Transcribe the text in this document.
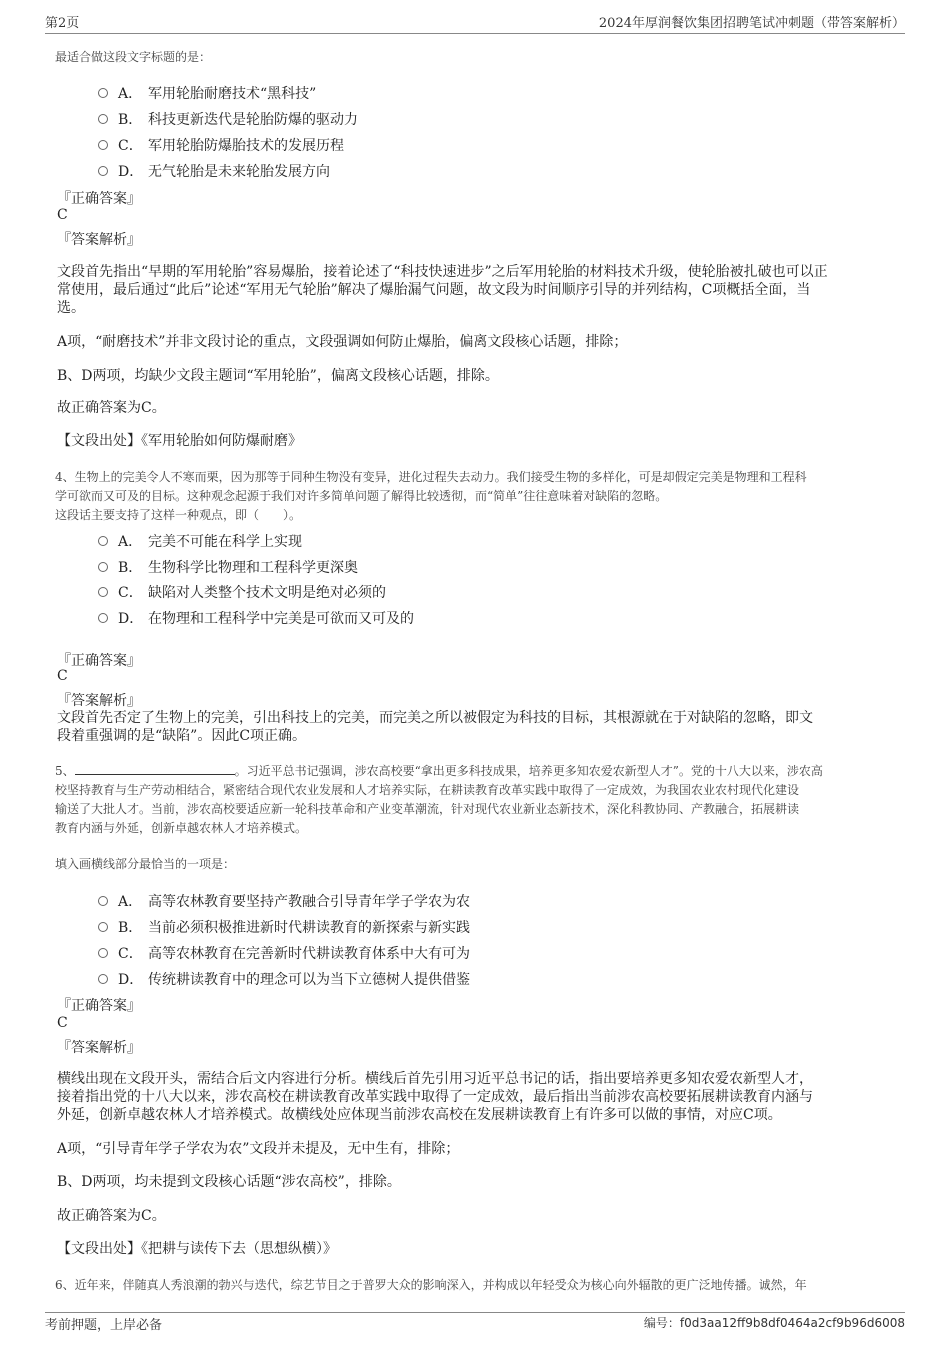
第2页	2024年厚润餐饮集团招聘笔试冲刺题（带答案解析）
最适合做这段文字标题的是：
A． 军用轮胎耐磨技术“黑科技”
B． 科技更新迭代是轮胎防爆的驱动力
C． 军用轮胎防爆胎技术的发展历程
D． 无气轮胎是未来轮胎发展方向
『正确答案』
C
『答案解析』
文段首先指出“早期的军用轮胎”容易爆胎，接着论述了“科技快速进步”之后军用轮胎的材料技术升级，使轮胎被扎破也可以正
常使用，最后通过“此后”论述“军用无气轮胎”解决了爆胎漏气问题，故文段为时间顺序引导的并列结构，C项概括全面，当
选。
A项，“耐磨技术”并非文段讨论的重点，文段强调如何防止爆胎，偏离文段核心话题，排除；
B、D两项，均缺少文段主题词“军用轮胎”，偏离文段核心话题，排除。
故正确答案为C。
【文段出处】《军用轮胎如何防爆耐磨》
4、生物上的完美令人不寒而栗，因为那等于同种生物没有变异，进化过程失去动力。我们接受生物的多样化，可是却假定完美是物理和工程科
学可欲而又可及的目标。这种观念起源于我们对许多简单问题了解得比较透彻，而“简单”往往意味着对缺陷的忽略。
这段话主要支持了这样一种观点，即（　　）。
A． 完美不可能在科学上实现
B． 生物科学比物理和工程科学更深奥
C． 缺陷对人类整个技术文明是绝对必须的
D． 在物理和工程科学中完美是可欲而又可及的
『正确答案』
C
『答案解析』
文段首先否定了生物上的完美，引出科技上的完美，而完美之所以被假定为科技的目标，其根源就在于对缺陷的忽略，即文
段着重强调的是“缺陷”。因此C项正确。
5、	。习近平总书记强调，涉农高校要“拿出更多科技成果，培养更多知农爱农新型人才”。党的十八大以来，涉农高
校坚持教育与生产劳动相结合，紧密结合现代农业发展和人才培养实际，在耕读教育改革实践中取得了一定成效，为我国农业农村现代化建设
输送了大批人才。当前，涉农高校要适应新一轮科技革命和产业变革潮流，针对现代农业新业态新技术，深化科教协同、产教融合，拓展耕读
教育内涵与外延，创新卓越农林人才培养模式。
填入画横线部分最恰当的一项是：
A． 高等农林教育要坚持产教融合引导青年学子学农为农
B． 当前必须积极推进新时代耕读教育的新探索与新实践
C． 高等农林教育在完善新时代耕读教育体系中大有可为
D． 传统耕读教育中的理念可以为当下立德树人提供借鉴
『正确答案』
C
『答案解析』
横线出现在文段开头，需结合后文内容进行分析。横线后首先引用习近平总书记的话，指出要培养更多知农爱农新型人才，
接着指出党的十八大以来，涉农高校在耕读教育改革实践中取得了一定成效，最后指出当前涉农高校要拓展耕读教育内涵与
外延，创新卓越农林人才培养模式。故横线处应体现当前涉农高校在发展耕读教育上有许多可以做的事情，对应C项。
A项，“引导青年学子学农为农”文段并未提及，无中生有，排除；
B、D两项，均未提到文段核心话题“涉农高校”，排除。
故正确答案为C。
【文段出处】《把耕与读传下去（思想纵横）》
6、近年来，伴随真人秀浪潮的勃兴与迭代，综艺节目之于普罗大众的影响深入，并构成以年轻受众为核心向外辐散的更广泛地传播。诚然，年
考前押题，上岸必备	编号：f0d3aa12ff9b8df0464a2cf9b96d6008
